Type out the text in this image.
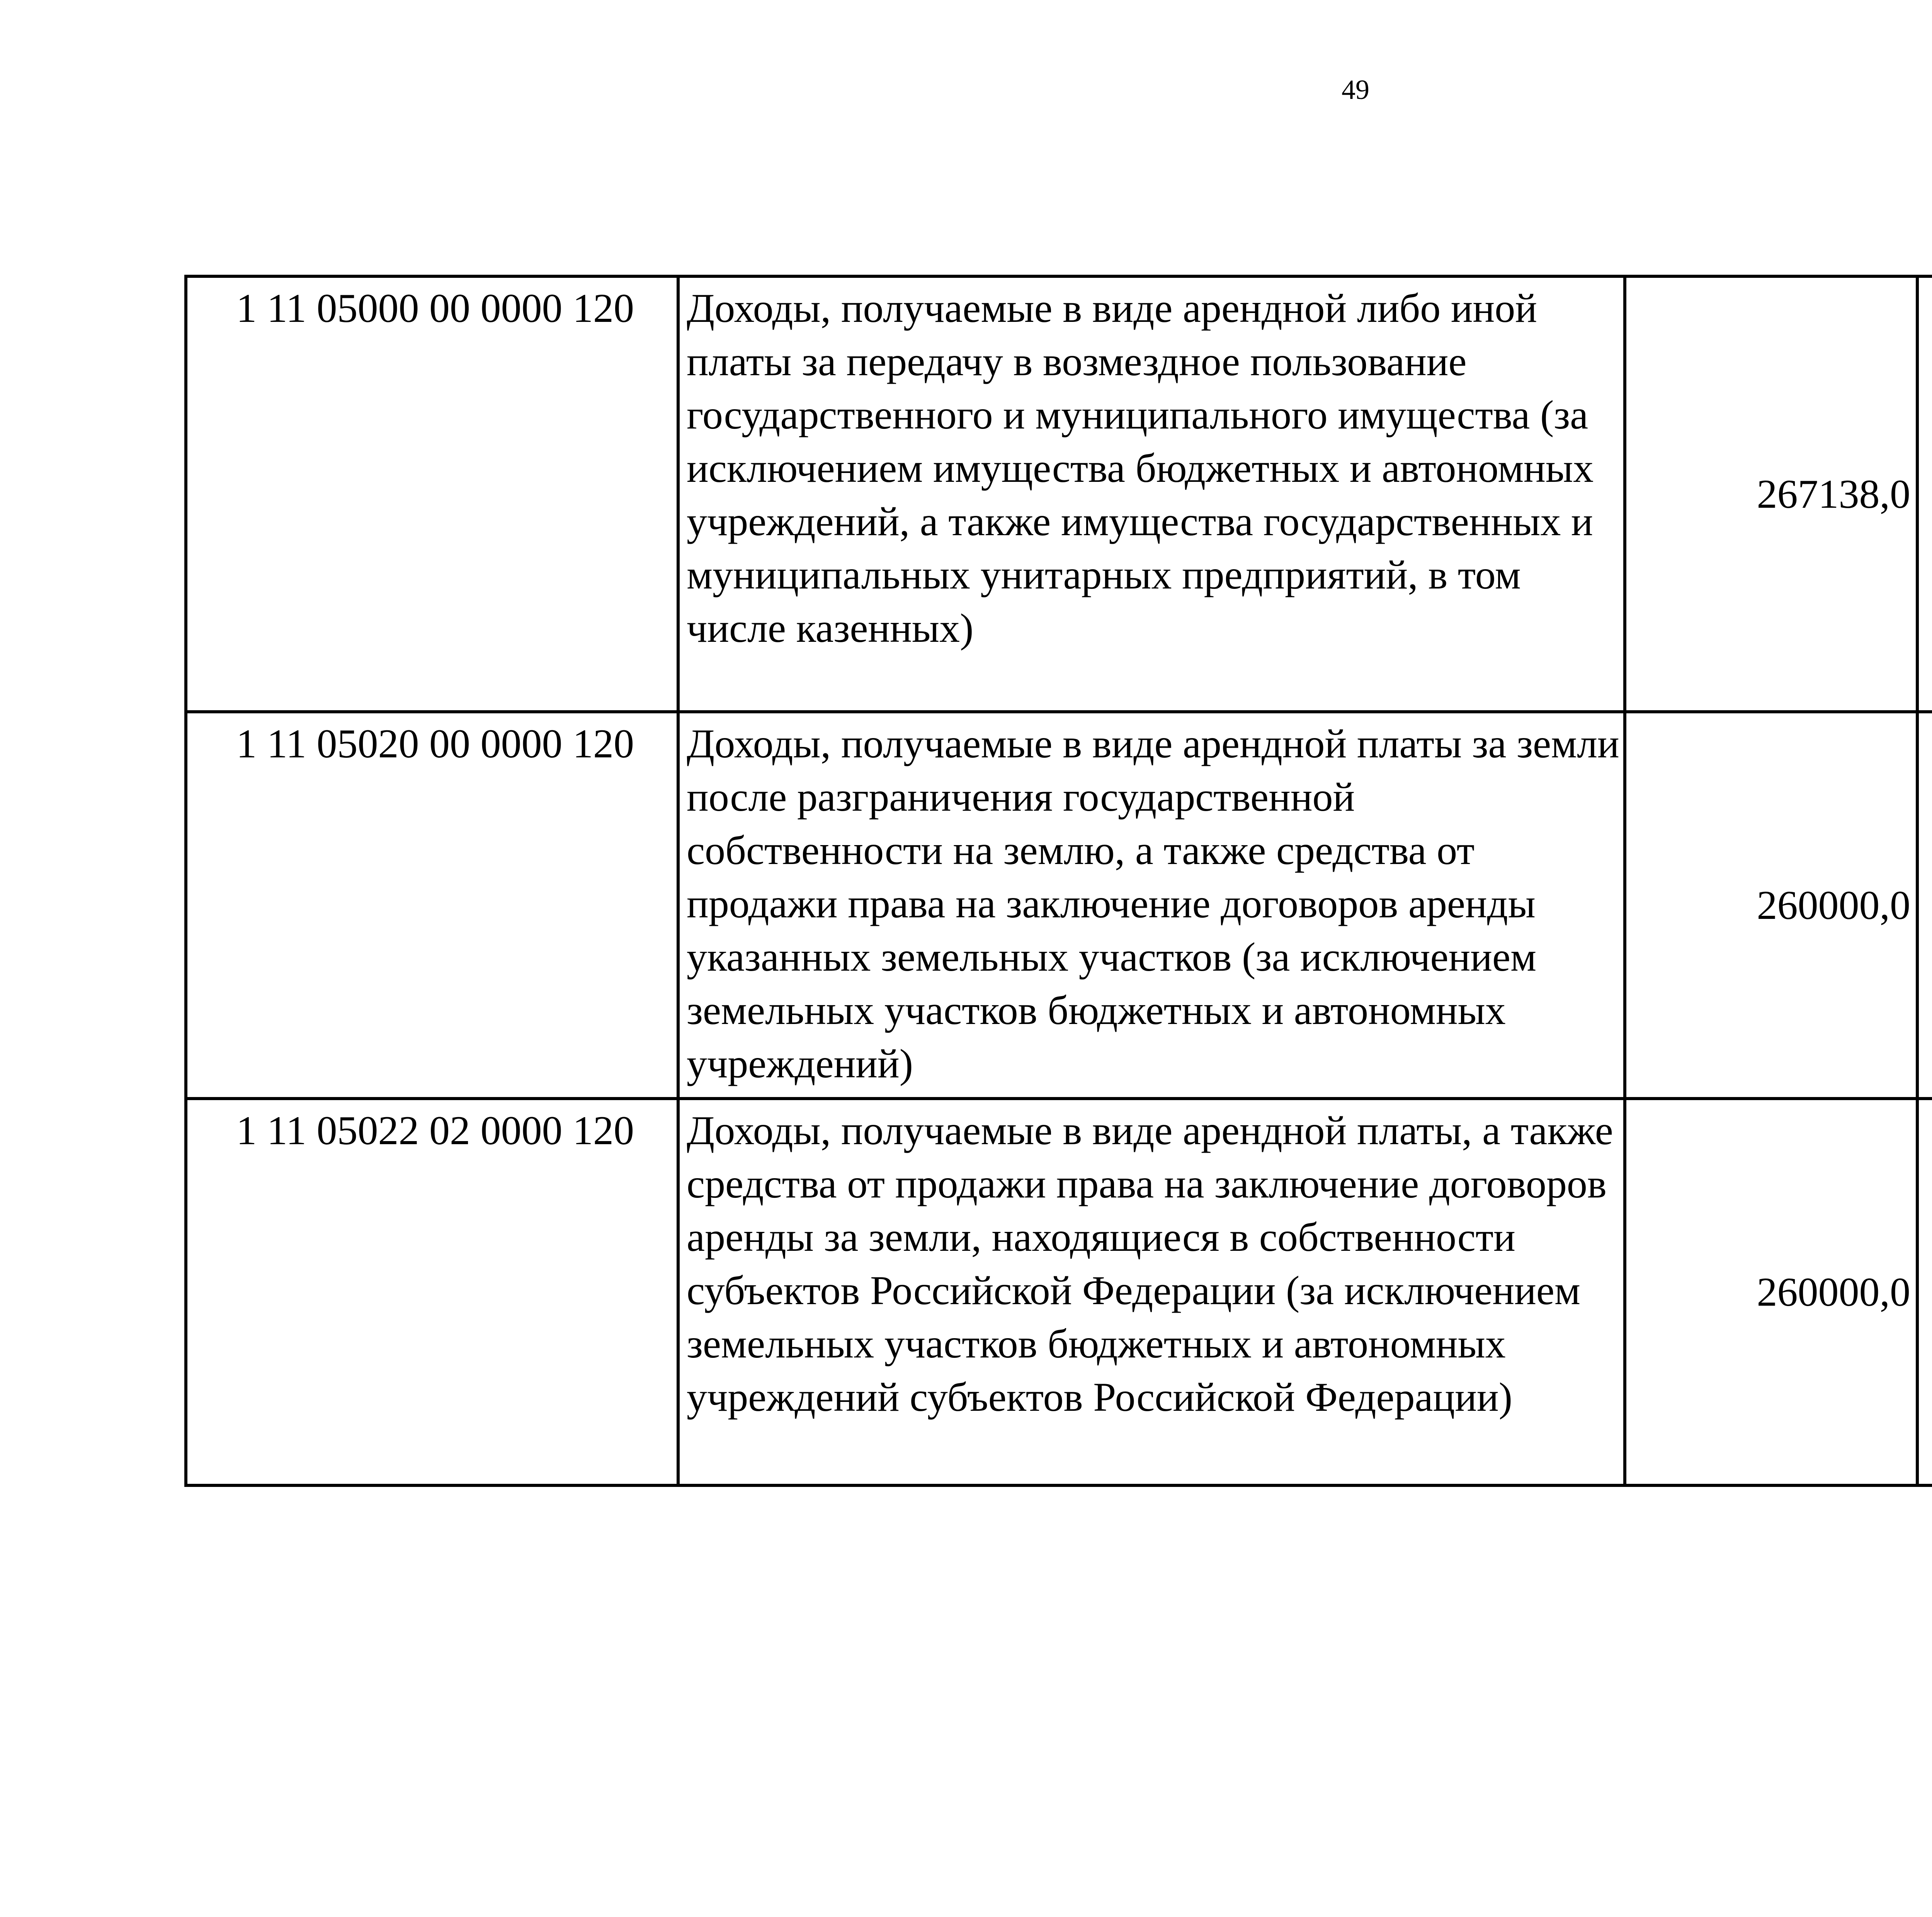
49
1 11 05000 00 0000 120	Доходы, получаемые в виде арендной либо иной платы за передачу в возмездное пользование государственного и муниципального имущества (за исключением имущества бюджетных и автономных учреждений, а также имущества государственных и муниципальных унитарных предприятий, в том числе казенных)	267138,0		
1 11 05020 00 0000 120	Доходы, получаемые в виде арендной платы за земли после разграничения государственной собственности на землю, а также средства от продажи права на заключение договоров аренды указанных земельных участков (за исключением земельных участков бюджетных и автономных учреждений)	260000,0		
1 11 05022 02 0000 120	Доходы, получаемые в виде арендной платы, а также средства от продажи права на заключение договоров аренды за земли, находящиеся в собственности субъектов Российской Федерации (за исключением земельных участков бюджетных и автономных учреждений субъектов Российской Федерации)	260000,0		
